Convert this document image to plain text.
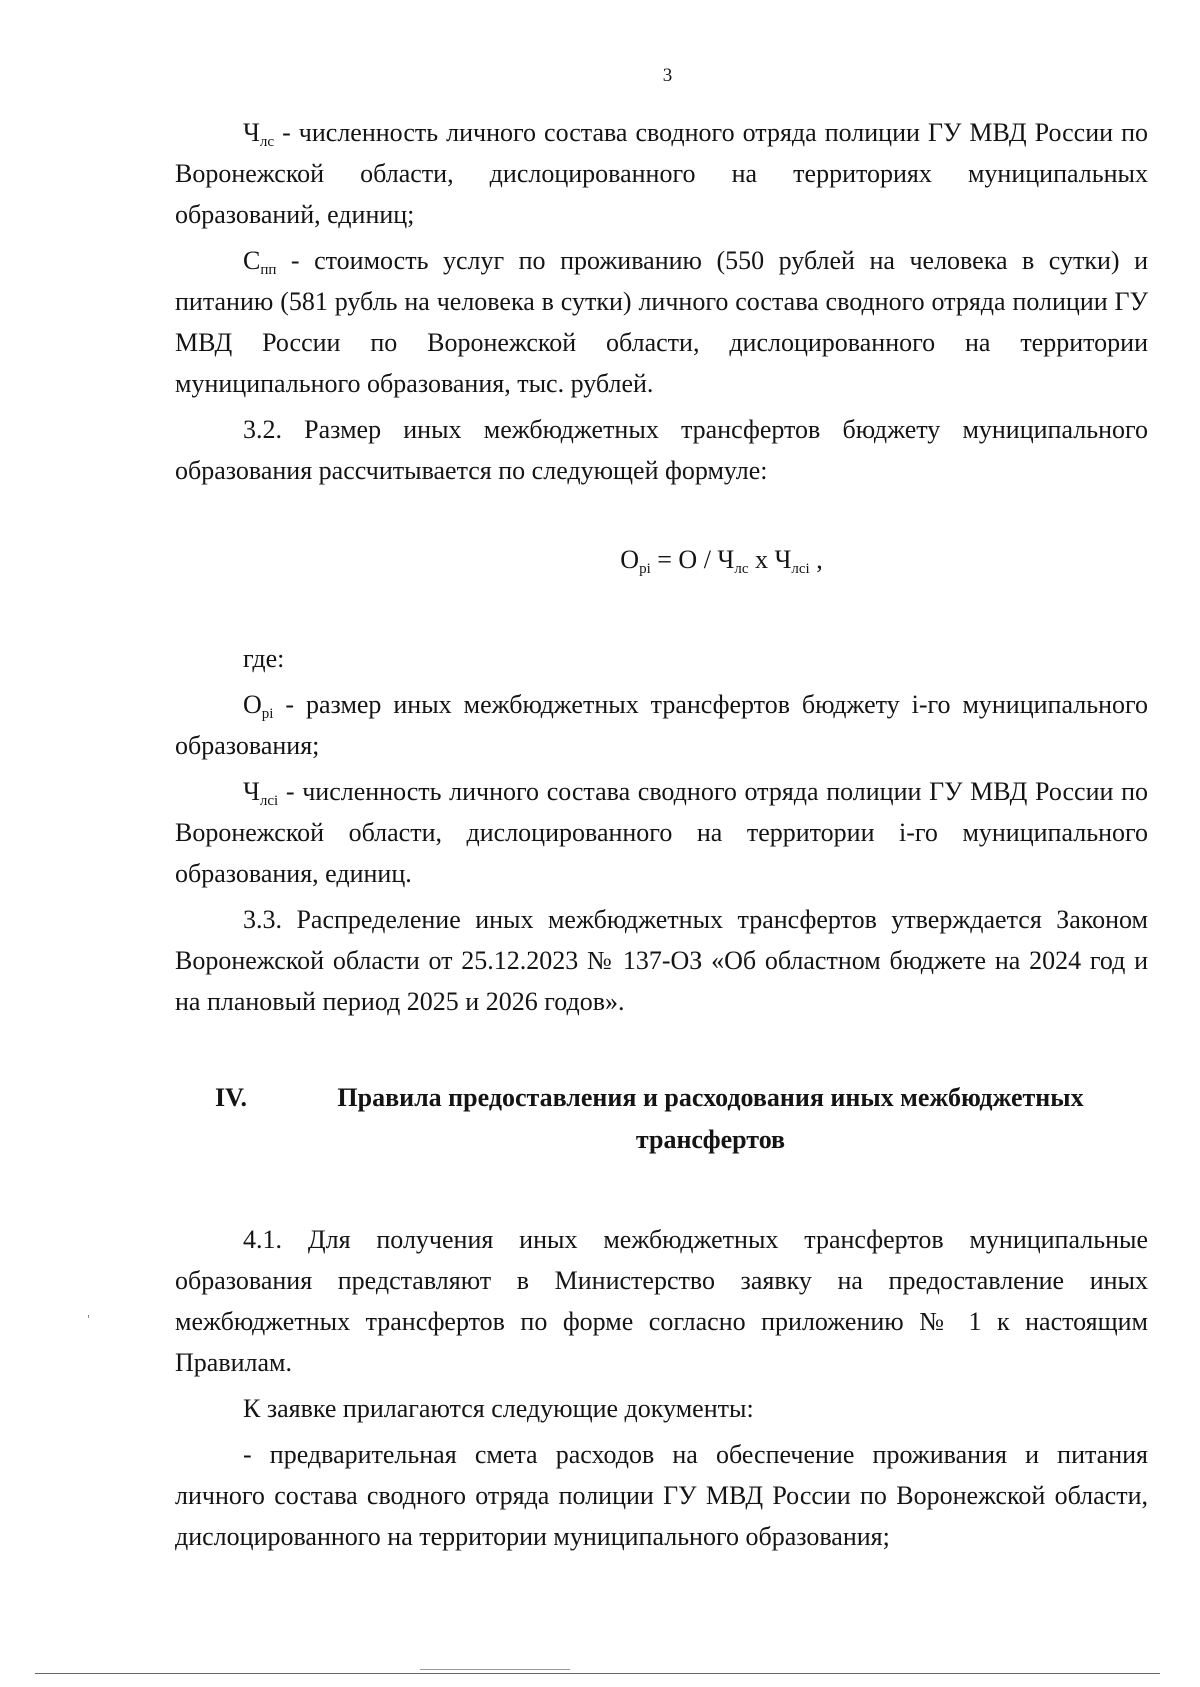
3

$Ч_{лс}$ - численность личного состава сводного отряда полиции ГУ МВД России по Воронежской области, дислоцированного на территориях муниципальных образований, единиц;

$С_{пп}$ - стоимость услуг по проживанию (550 рублей на человека в сутки) и питанию (581 рубль на человека в сутки) личного состава сводного отряда полиции ГУ МВД России по Воронежской области, дислоцированного на территории муниципального образования, тыс. рублей.

3.2. Размер иных межбюджетных трансфертов бюджету муниципального образования рассчитывается по следующей формуле:

$О_{pi} = О / Ч_{лс}$ х $Ч_{лсi}$ ,

где:

$О_{pi}$ - размер иных межбюджетных трансфертов бюджету i-го муниципального образования;

$Ч_{лсi}$ - численность личного состава сводного отряда полиции ГУ МВД России по Воронежской области, дислоцированного на территории i-го муниципального образования, единиц.

3.3. Распределение иных межбюджетных трансфертов утверждается Законом Воронежской области от 25.12.2023 № 137-ОЗ «Об областном бюджете на 2024 год и на плановый период 2025 и 2026 годов».

IV.	Правила предоставления и расходования иных межбюджетных трансфертов

4.1. Для получения иных межбюджетных трансфертов муниципальные образования представляют в Министерство заявку на предоставление иных межбюджетных трансфертов по форме согласно приложению № 1 к настоящим Правилам.

К заявке прилагаются следующие документы:

- предварительная смета расходов на обеспечение проживания и питания личного состава сводного отряда полиции ГУ МВД России по Воронежской области, дислоцированного на территории муниципального образования;
